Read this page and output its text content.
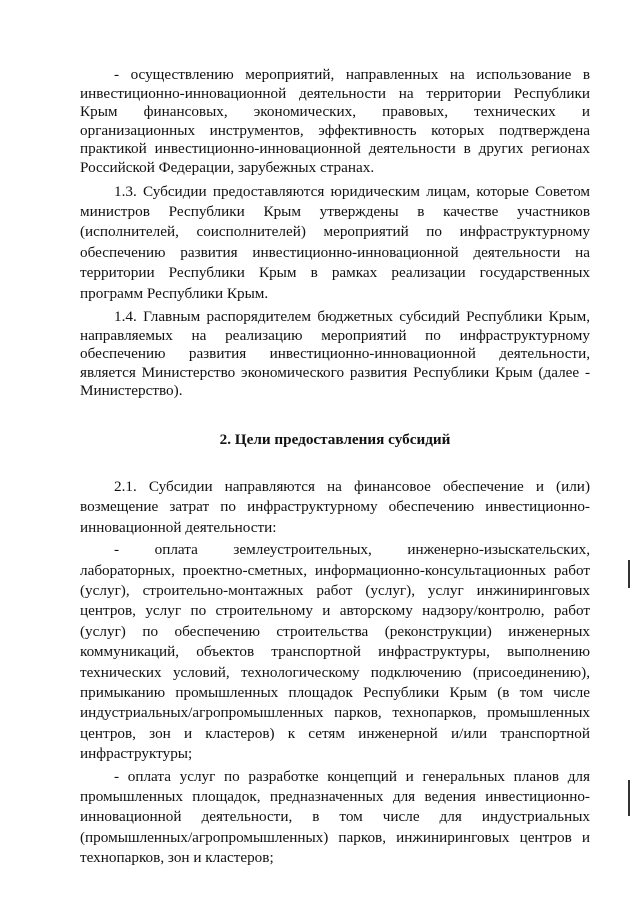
- осуществлению мероприятий, направленных на использование в инвестиционно-инновационной деятельности на территории Республики Крым финансовых, экономических, правовых, технических и организационных инструментов, эффективность которых подтверждена практикой инвестиционно-инновационной деятельности в других регионах Российской Федерации, зарубежных странах.

1.3. Субсидии предоставляются юридическим лицам, которые Советом министров Республики Крым утверждены в качестве участников (исполнителей, соисполнителей) мероприятий по инфраструктурному обеспечению развития инвестиционно-инновационной деятельности на территории Республики Крым в рамках реализации государственных программ Республики Крым.

1.4. Главным распорядителем бюджетных субсидий Республики Крым, направляемых на реализацию мероприятий по инфраструктурному обеспечению развития инвестиционно-инновационной деятельности, является Министерство экономического развития Республики Крым (далее - Министерство).

2. Цели предоставления субсидий

2.1. Субсидии направляются на финансовое обеспечение и (или) возмещение затрат по инфраструктурному обеспечению инвестиционно-инновационной деятельности:

- оплата землеустроительных, инженерно-изыскательских, лабораторных, проектно-сметных, информационно-консультационных работ (услуг), строительно-монтажных работ (услуг), услуг инжиниринговых центров, услуг по строительному и авторскому надзору/контролю, работ (услуг) по обеспечению строительства (реконструкции) инженерных коммуникаций, объектов транспортной инфраструктуры, выполнению технических условий, технологическому подключению (присоединению), примыканию промышленных площадок Республики Крым (в том числе индустриальных/агропромышленных парков, технопарков, промышленных центров, зон и кластеров) к сетям инженерной и/или транспортной инфраструктуры;

- оплата услуг по разработке концепций и генеральных планов для промышленных площадок, предназначенных для ведения инвестиционно-инновационной деятельности, в том числе для индустриальных (промышленных/агропромышленных) парков, инжиниринговых центров и технопарков, зон и кластеров;
